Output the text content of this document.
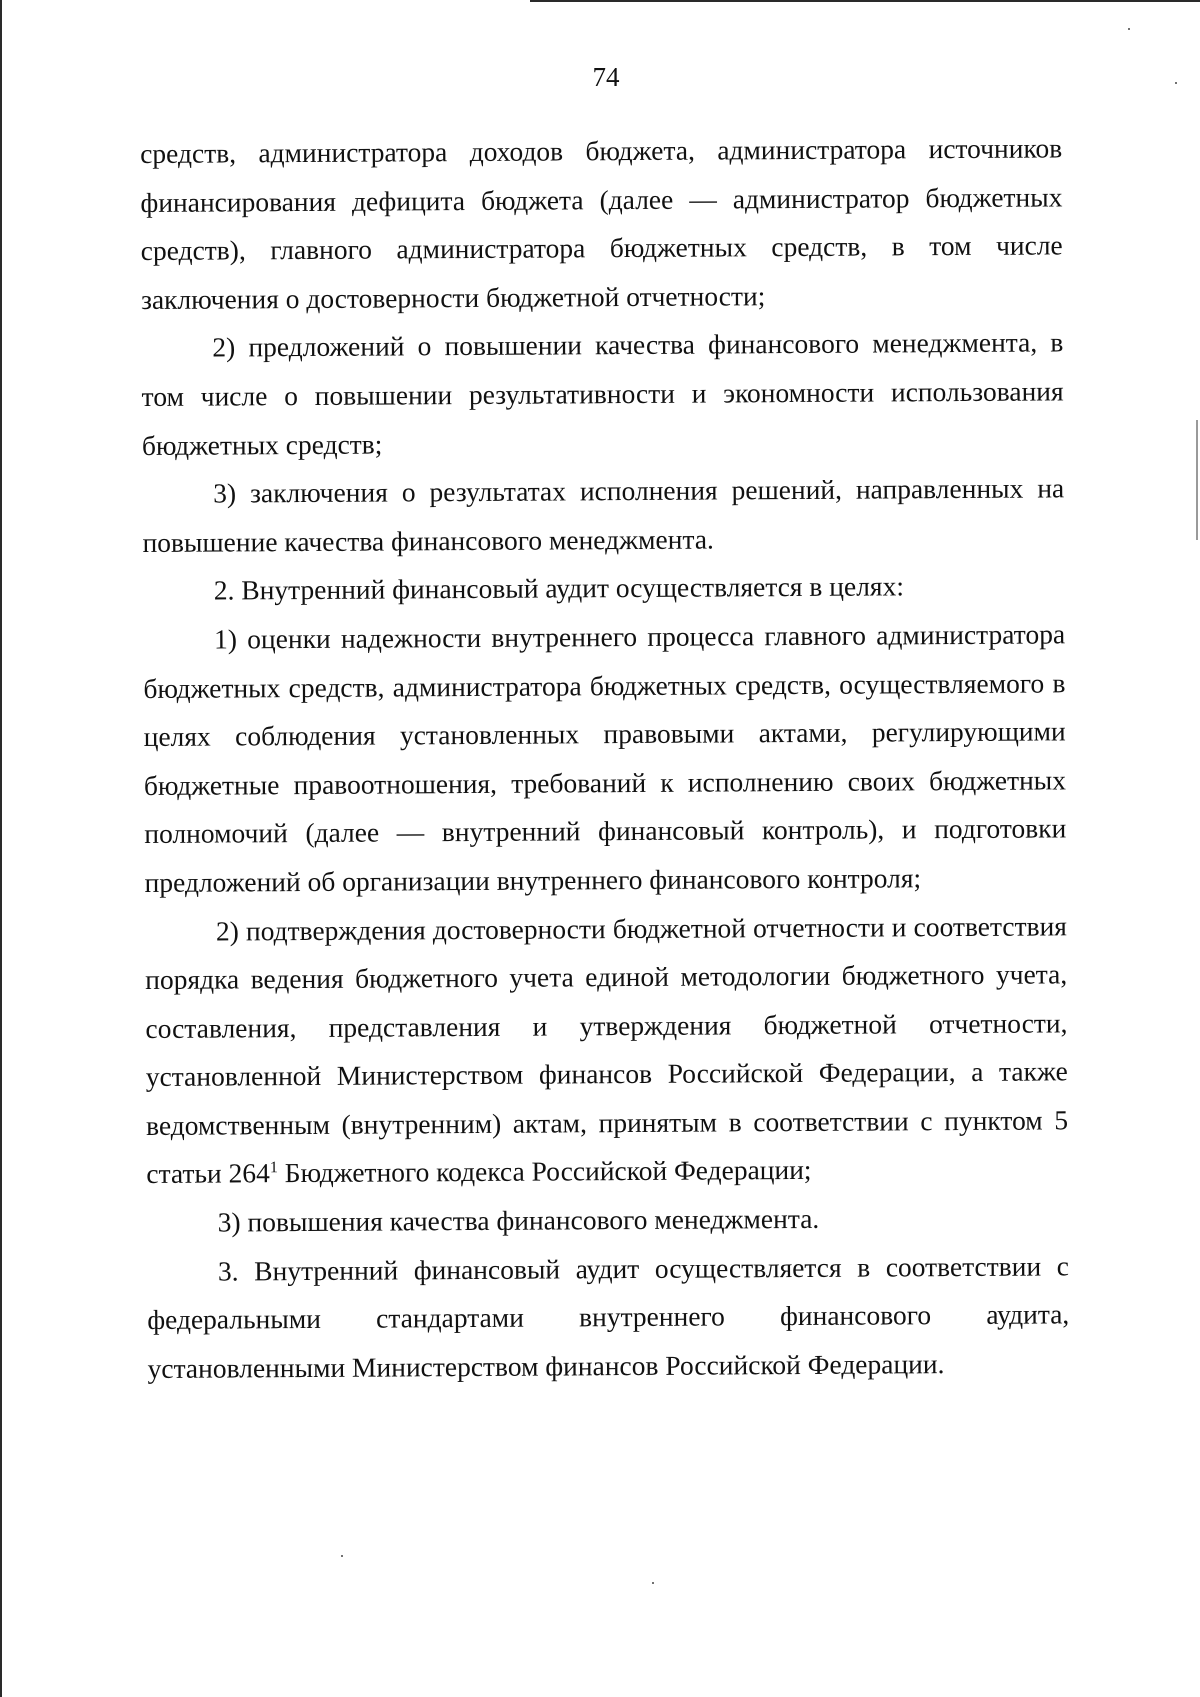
74

средств, администратора доходов бюджета, администратора источников финансирования дефицита бюджета (далее — администратор бюджетных средств), главного администратора бюджетных средств, в том числе заключения о достоверности бюджетной отчетности;

2) предложений о повышении качества финансового менеджмента, в том числе о повышении результативности и экономности использования бюджетных средств;

3) заключения о результатах исполнения решений, направленных на повышение качества финансового менеджмента.

2. Внутренний финансовый аудит осуществляется в целях:

1) оценки надежности внутреннего процесса главного администратора бюджетных средств, администратора бюджетных средств, осуществляемого в целях соблюдения установленных правовыми актами, регулирующими бюджетные правоотношения, требований к исполнению своих бюджетных полномочий (далее — внутренний финансовый контроль), и подготовки предложений об организации внутреннего финансового контроля;

2) подтверждения достоверности бюджетной отчетности и соответствия порядка ведения бюджетного учета единой методологии бюджетного учета, составления, представления и утверждения бюджетной отчетности, установленной Министерством финансов Российской Федерации, а также ведомственным (внутренним) актам, принятым в соответствии с пунктом 5 статьи $264^1$ Бюджетного кодекса Российской Федерации;

3) повышения качества финансового менеджмента.

3. Внутренний финансовый аудит осуществляется в соответствии с федеральными стандартами внутреннего финансового аудита, установленными Министерством финансов Российской Федерации.
